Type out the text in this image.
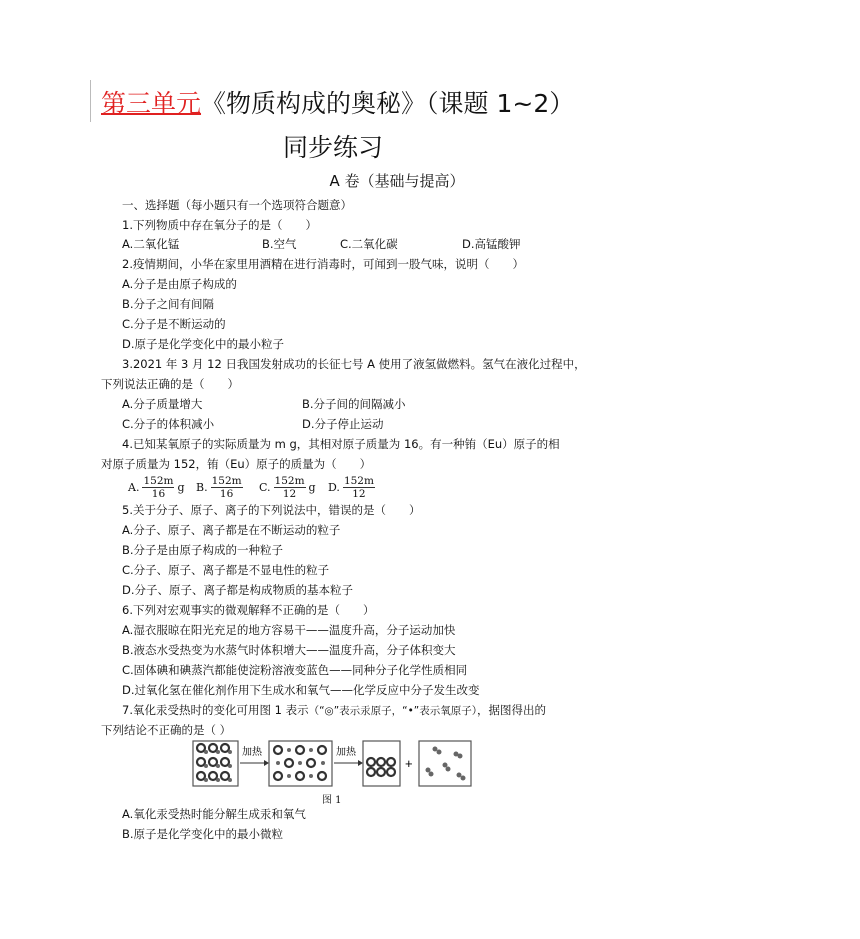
第三单元《物质构成的奥秘》（课题 1~2）
同步练习
A 卷（基础与提高）
一、选择题（每小题只有一个选项符合题意）
1.下列物质中存在氧分子的是（　　）
A.二氧化锰	B.空气	C.二氧化碳	D.高锰酸钾
2.疫情期间，小华在家里用酒精在进行消毒时，可闻到一股气味，说明（　　）
A.分子是由原子构成的
B.分子之间有间隔
C.分子是不断运动的
D.原子是化学变化中的最小粒子
3.2021 年 3 月 12 日我国发射成功的长征七号 A 使用了液氢做燃料。氢气在液化过程中，
下列说法正确的是（　　）
A.分子质量增大	B.分子间的间隔减小
C.分子的体积减小	D.分子停止运动
4.已知某氧原子的实际质量为 m g，其相对原子质量为 16。有一种铕（Eu）原子的相
对原子质量为 152，铕（Eu）原子的质量为（　　）
A. $\frac{152m}{16}$ g B. $\frac{152m}{16} C$. $\frac{152m}{12}$ g D. $\frac{152m}{12}$
5.关于分子、原子、离子的下列说法中，错误的是（　　）
A.分子、原子、离子都是在不断运动的粒子
B.分子是由原子构成的一种粒子
C.分子、原子、离子都是不显电性的粒子
D.分子、原子、离子都是构成物质的基本粒子
6.下列对宏观事实的微观解释不正确的是（　　）
A.湿衣服晾在阳光充足的地方容易干——温度升高，分子运动加快
B.液态水受热变为水蒸气时体积增大——温度升高，分子体积变大
C.固体碘和碘蒸汽都能使淀粉溶液变蓝色——同种分子化学性质相同
D.过氧化氢在催化剂作用下生成水和氧气——化学反应中分子发生改变
7.氧化汞受热时的变化可用图 1 表示（“◎”表示汞原子，“•”表示氧原子），据图得出的
下列结论不正确的是（ ）
加热	加热
+
图 1
A.氧化汞受热时能分解生成汞和氧气
B.原子是化学变化中的最小微粒
